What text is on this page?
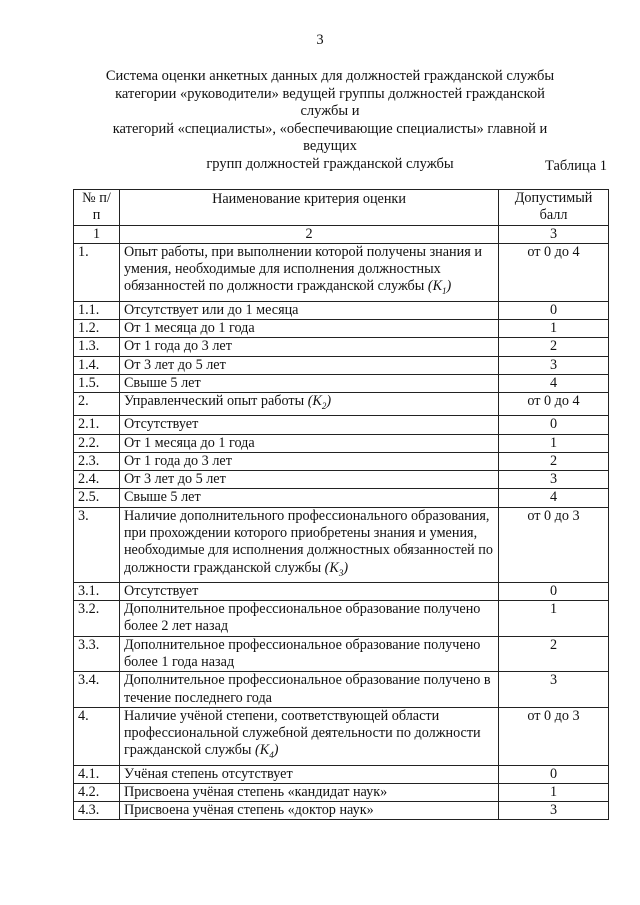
3
Система оценки анкетных данных для должностей гражданской службы
категории «руководители» ведущей группы должностей гражданской службы и
категорий «специалисты», «обеспечивающие специалисты» главной и ведущих
групп должностей гражданской службы	Таблица 1
№ п/п	Наименование критерия оценки	Допустимый балл

1	2	3
1.	Опыт работы, при выполнении которой получены знания и умения, необходимые для исполнения должностных обязанностей по должности гражданской службы $(K_1)$	от 0 до 4
1.1.	Отсутствует или до 1 месяца	0
1.2.	От 1 месяца до 1 года	1
1.3.	От 1 года до 3 лет	2
1.4.	От 3 лет до 5 лет	3
1.5.	Свыше 5 лет	4
2.	Управленческий опыт работы $(K_2)$	от 0 до 4
2.1.	Отсутствует	0
2.2.	От 1 месяца до 1 года	1
2.3.	От 1 года до 3 лет	2
2.4.	От 3 лет до 5 лет	3
2.5.	Свыше 5 лет	4
3.	Наличие дополнительного профессионального образования, при прохождении которого приобретены знания и умения, необходимые для исполнения должностных обязанностей по должности гражданской службы $(K_3)$	от 0 до 3
3.1.	Отсутствует	0
3.2.	Дополнительное профессиональное образование получено более 2 лет назад	1
3.3.	Дополнительное профессиональное образование получено более 1 года назад	2
3.4.	Дополнительное профессиональное образование получено в течение последнего года	3
4.	Наличие учёной степени, соответствующей области профессиональной служебной деятельности по должности гражданской службы $(K_4)$	от 0 до 3
4.1.	Учёная степень отсутствует	0
4.2.	Присвоена учёная степень «кандидат наук»	1
4.3.	Присвоена учёная степень «доктор наук»	3
